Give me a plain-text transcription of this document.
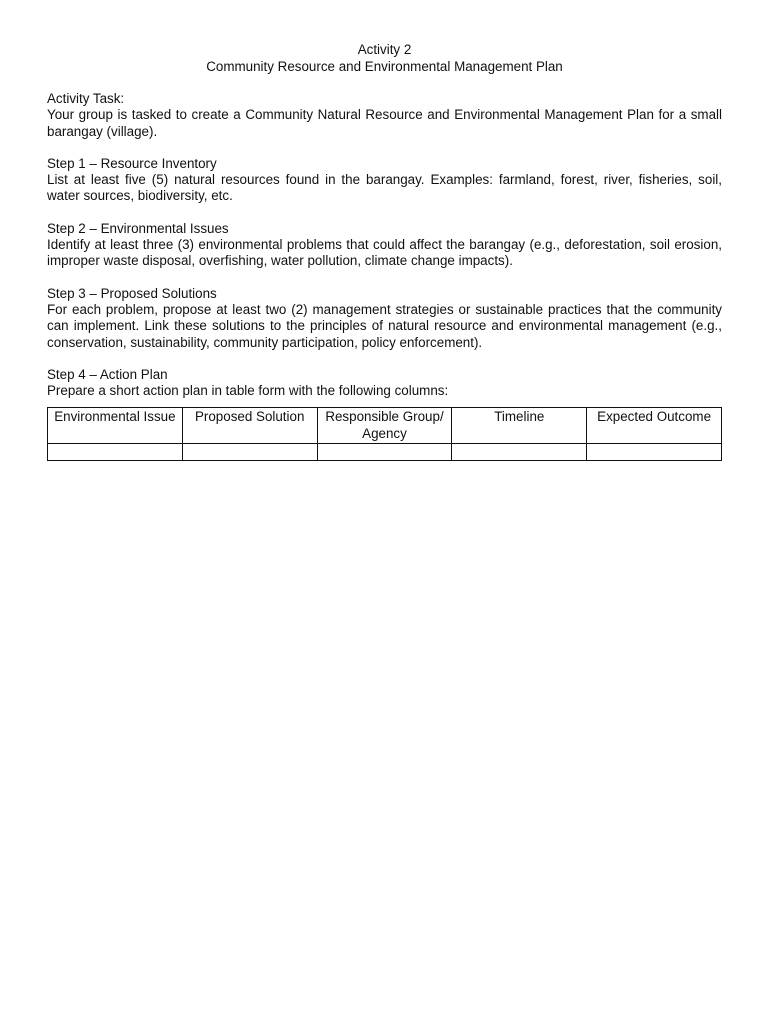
Activity 2
Community Resource and Environmental Management Plan
Activity Task:
Your group is tasked to create a Community Natural Resource and Environmental Management Plan for a small barangay (village).
Step 1 – Resource Inventory
List at least five (5) natural resources found in the barangay. Examples: farmland, forest, river, fisheries, soil, water sources, biodiversity, etc.
Step 2 – Environmental Issues
Identify at least three (3) environmental problems that could affect the barangay (e.g., deforestation, soil erosion, improper waste disposal, overfishing, water pollution, climate change impacts).
Step 3 – Proposed Solutions
For each problem, propose at least two (2) management strategies or sustainable practices that the community can implement. Link these solutions to the principles of natural resource and environmental management (e.g., conservation, sustainability, community participation, policy enforcement).
Step 4 – Action Plan
Prepare a short action plan in table form with the following columns:
Environmental Issue	Proposed Solution	Responsible Group/ Agency	Timeline	Expected Outcome
